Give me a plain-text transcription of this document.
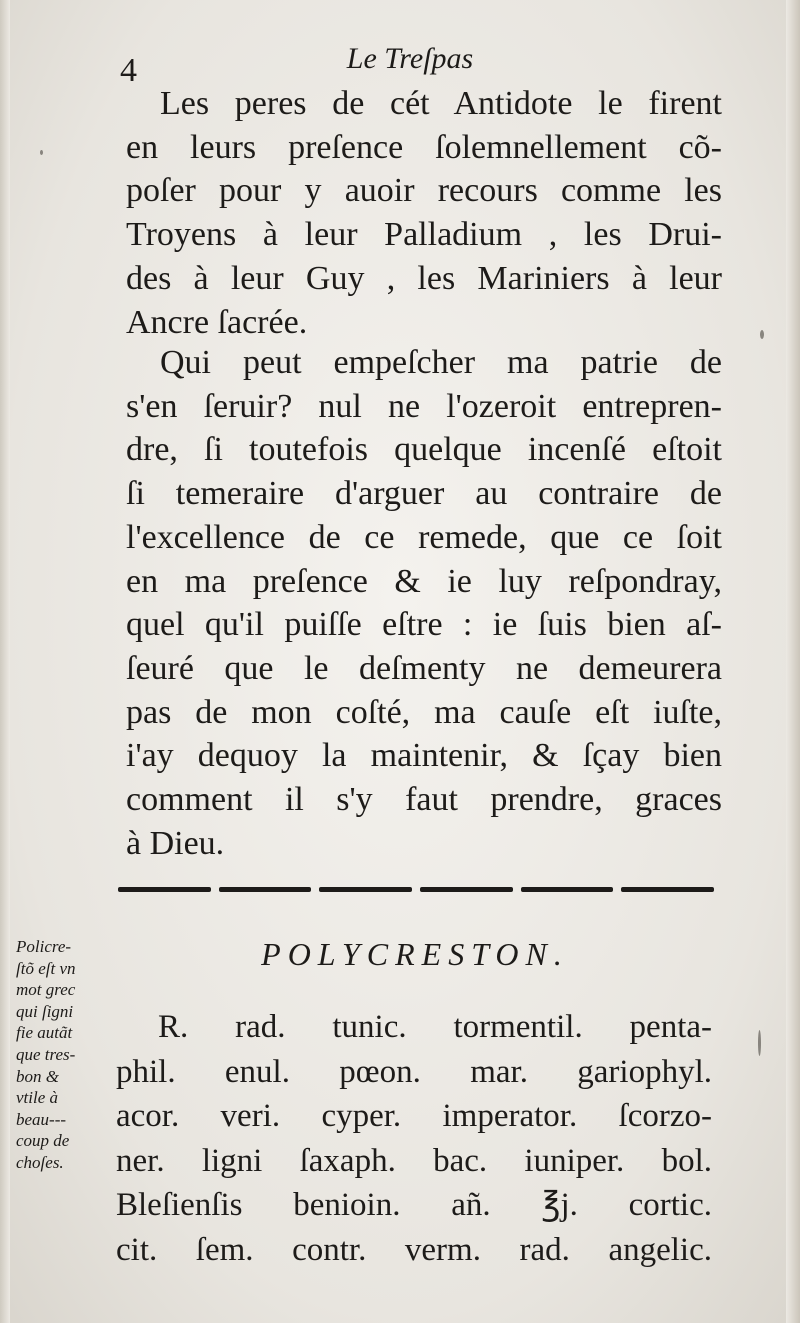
4	Le Treſpas
Les peres de cét Antidote le firent
en leurs preſence ſolemnellement cõ-
poſer pour y auoir recours comme les
Troyens à leur Palladium , les Drui-
des à leur Guy , les Mariniers à leur
Ancre ſacrée.
Qui peut empeſcher ma patrie de
s'en ſeruir? nul ne l'ozeroit entrepren-
dre, ſi toutefois quelque incenſé eſtoit
ſi temeraire d'arguer au contraire de
l'excellence de ce remede, que ce ſoit
en ma preſence & ie luy reſpondray,
quel qu'il puiſſe eſtre : ie ſuis bien aſ-
ſeuré que le deſmenty ne demeurera
pas de mon coſté, ma cauſe eſt iuſte,
i'ay dequoy la maintenir, & ſçay bien
comment il s'y faut prendre, graces
à Dieu.
POLYCRESTON.
Policre-
ſtõ eſt vn
mot grec
qui ſigni
fie autãt
que tres-
bon &
vtile à
beau---
coup de
choſes.

R. rad. tunic. tormentil. penta-

phil. enul. pœon. mar. gariophyl.

acor. veri. cyper. imperator. ſcorzo-

ner. ligni ſaxaph. bac. iuniper. bol.

Bleſienſis benioin. añ. ℥j. cortic.

cit. ſem. contr. verm. rad. angelic.
